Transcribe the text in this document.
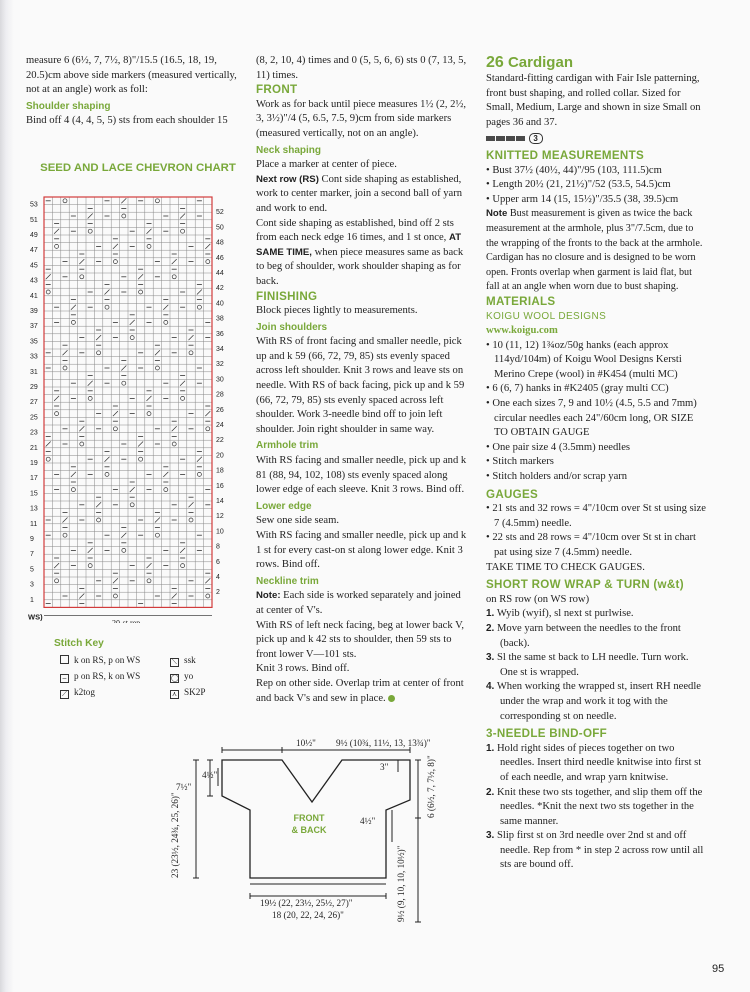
measure 6 (6½, 7, 7½, 8)"/15.5 (16.5, 18, 19, 20.5)cm above side markers (measured vertically, not at an angle) work as foll:

Shoulder shaping

Bind off 4 (4, 4, 5, 5) sts from each shoulder 15

SEED AND LACE CHEVRON CHART
53
51
49
47
45
43
41
39
37
35
33
31
29
27
25
23
21
19
17
15
13
11
9
7
5
3
1
52
50
48
46
44
42
40
38
36
34
32
30
28
26
24
22
20
18
16
14
12
10
8
6
4
2
WS)
20-st rep
Stitch Key
k on RS, p on WS
– p on RS, k on WS
⟋ k2tog
⟍ ssk
◯ yo
⋏ SK2P

(8, 2, 10, 4) times and 0 (5, 5, 6, 6) sts 0 (7, 13, 5, 11) times.

FRONT

Work as for back until piece measures 1½ (2, 2½, 3, 3½)"/4 (5, 6.5, 7.5, 9)cm from side markers (measured vertically, not on an angle).

Neck shaping

Place a marker at center of piece.

Next row (RS) Cont side shaping as established, work to center marker, join a second ball of yarn and work to end.

Cont side shaping as established, bind off 2 sts from each neck edge 16 times, and 1 st once, AT SAME TIME, when piece measures same as back to beg of shoulder, work shoulder shaping as for back.

FINISHING

Block pieces lightly to measurements.

Join shoulders

With RS of front facing and smaller needle, pick up and k 59 (66, 72, 79, 85) sts evenly spaced across left shoulder. Knit 3 rows and leave sts on needle. With RS of back facing, pick up and k 59 (66, 72, 79, 85) sts evenly spaced across left shoulder. Work 3-needle bind off to join left shoulder. Join right shoulder in same way.

Armhole trim

With RS facing and smaller needle, pick up and k 81 (88, 94, 102, 108) sts evenly spaced along lower edge of each sleeve. Knit 3 rows. Bind off.

Lower edge

Sew one side seam.
With RS facing and smaller needle, pick up and k 1 st for every cast-on st along lower edge. Knit 3 rows. Bind off.

Neckline trim

Note: Each side is worked separately and joined at center of V's.

With RS of left neck facing, beg at lower back V, pick up and k 42 sts to shoulder, then 59 sts to front lower V—101 sts.

Knit 3 rows. Bind off.

Rep on other side. Overlap trim at center of front and back V's and sew in place.

10½" 9½ (10¾, 11½, 13, 13¾)"
7½"
4½"
3"
4½"
23 (23½, 24¾, 25, 26)"
6 (6½, 7, 7½, 8)"
9½ (9, 10, 10, 10½)"
19½ (22, 23½, 25½, 27)"
18 (20, 22, 24, 26)"
FRONT
& BACK
26 Cardigan

Standard-fitting cardigan with Fair Isle patterning, front bust shaping, and rolled collar. Sized for Small, Medium, Large and shown in size Small on pages 36 and 37.

3

KNITTED MEASUREMENTS

• Bust 37½ (40½, 44)"/95 (103, 111.5)cm

• Length 20½ (21, 21½)"/52 (53.5, 54.5)cm

• Upper arm 14 (15, 15½)"/35.5 (38, 39.5)cm

Note Bust measurement is given as twice the back measurement at the armhole, plus 3"/7.5cm, due to the wrapping of the fronts to the back at the armhole. Cardigan has no closure and is designed to be worn open. Fronts overlap when garment is laid flat, but fall at an angle when worn due to bust shaping.

MATERIALS

KOIGU WOOL DESIGNS

www.koigu.com

• 10 (11, 12) 1¾oz/50g hanks (each approx 114yd/104m) of Koigu Wool Designs Kersti Merino Crepe (wool) in #K454 (multi MC)

• 6 (6, 7) hanks in #K2405 (gray multi CC)

• One each sizes 7, 9 and 10½ (4.5, 5.5 and 7mm) circular needles each 24"/60cm long, OR SIZE TO OBTAIN GAUGE

• One pair size 4 (3.5mm) needles

• Stitch markers

• Stitch holders and/or scrap yarn

GAUGES

• 21 sts and 32 rows = 4"/10cm over St st using size 7 (4.5mm) needle.

• 22 sts and 28 rows = 4"/10cm over St st in chart pat using size 7 (4.5mm) needle.

TAKE TIME TO CHECK GAUGES.

SHORT ROW WRAP & TURN (w&t)

on RS row (on WS row)

1. Wyib (wyif), sl next st purlwise.

2. Move yarn between the needles to the front (back).

3. Sl the same st back to LH needle. Turn work. One st is wrapped.

4. When working the wrapped st, insert RH needle under the wrap and work it tog with the corresponding st on needle.

3-NEEDLE BIND-OFF

1. Hold right sides of pieces together on two needles. Insert third needle knitwise into first st of each needle, and wrap yarn knitwise.

2. Knit these two sts together, and slip them off the needles. *Knit the next two sts together in the same manner.

3. Slip first st on 3rd needle over 2nd st and off needle. Rep from * in step 2 across row until all sts are bound off.

95
